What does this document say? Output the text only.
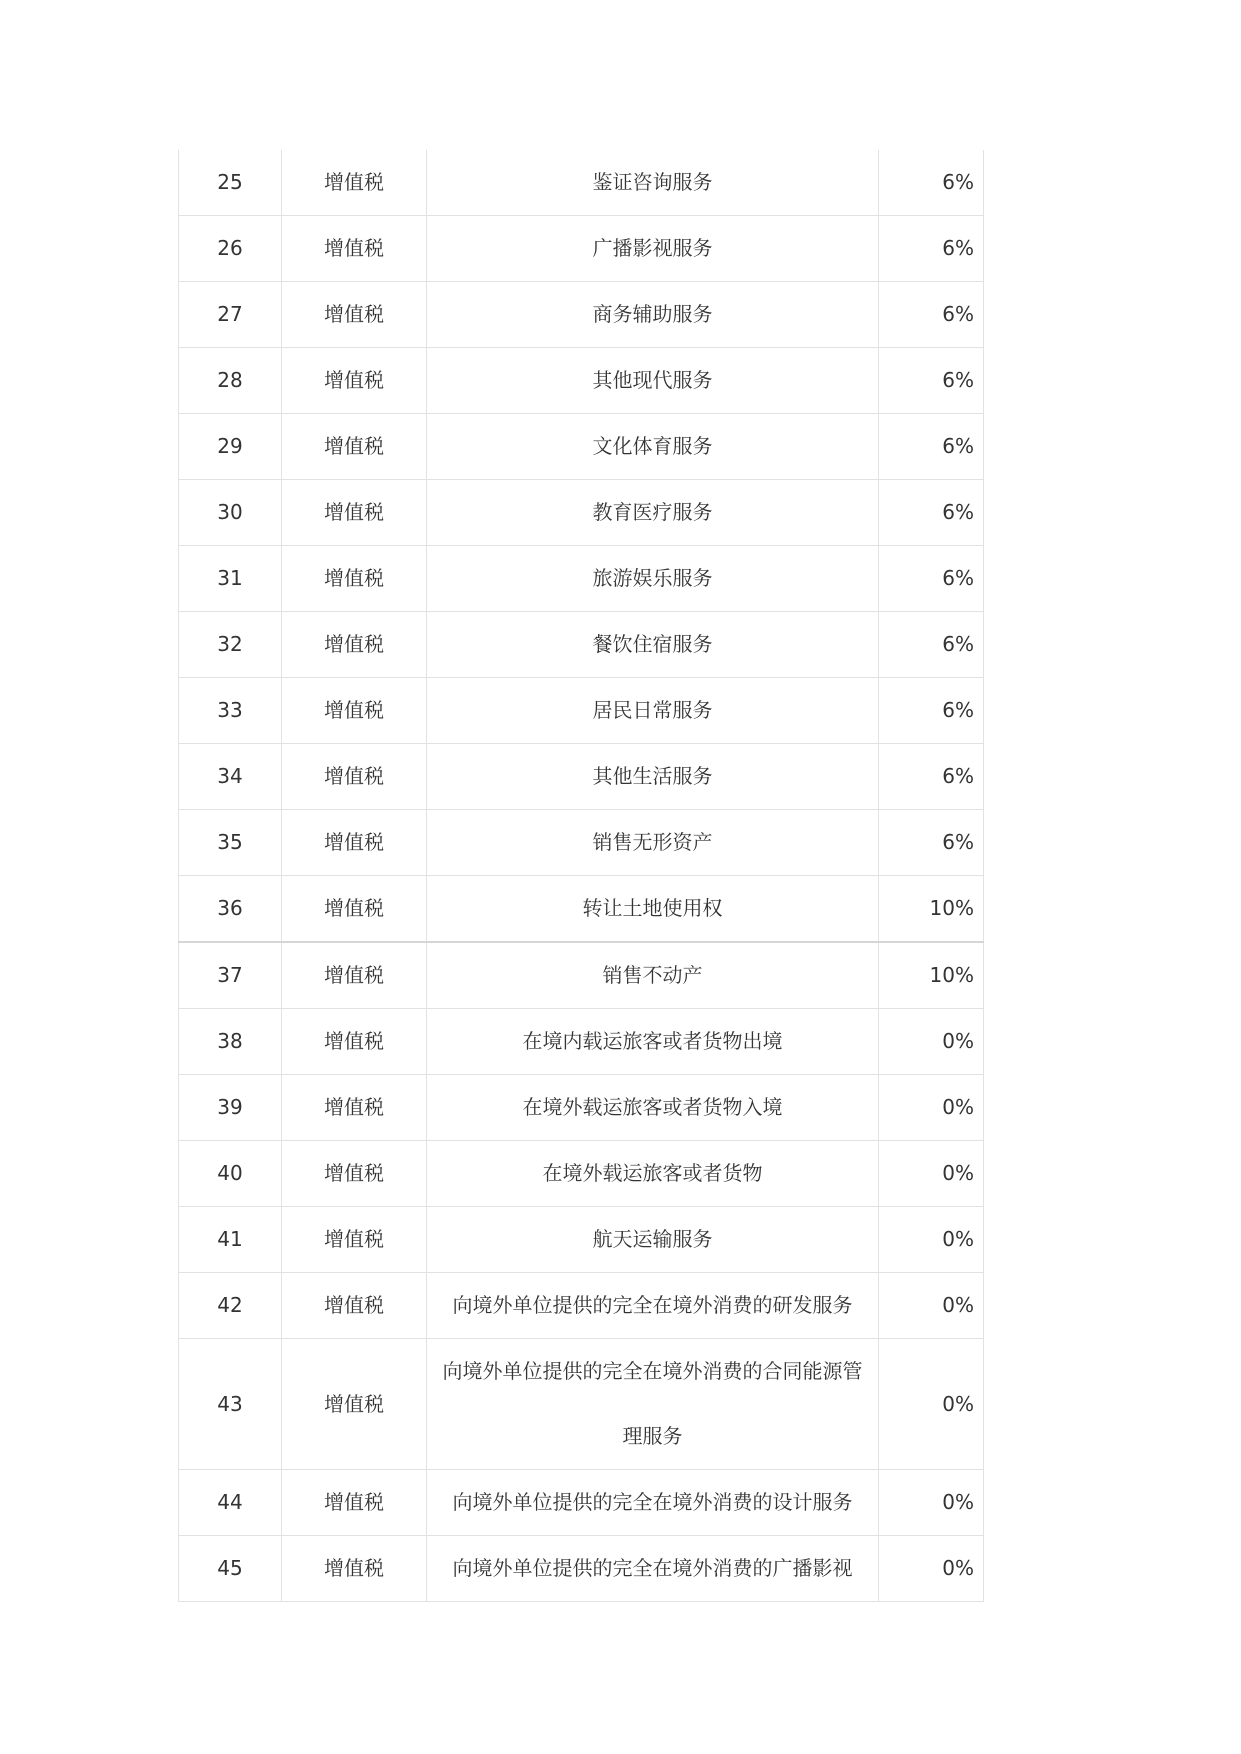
25	增值税	鉴证咨询服务	6%
26	增值税	广播影视服务	6%
27	增值税	商务辅助服务	6%
28	增值税	其他现代服务	6%
29	增值税	文化体育服务	6%
30	增值税	教育医疗服务	6%
31	增值税	旅游娱乐服务	6%
32	增值税	餐饮住宿服务	6%
33	增值税	居民日常服务	6%
34	增值税	其他生活服务	6%
35	增值税	销售无形资产	6%
36	增值税	转让土地使用权	10%
37	增值税	销售不动产	10%
38	增值税	在境内载运旅客或者货物出境	0%
39	增值税	在境外载运旅客或者货物入境	0%
40	增值税	在境外载运旅客或者货物	0%
41	增值税	航天运输服务	0%
42	增值税	向境外单位提供的完全在境外消费的研发服务	0%
43	增值税	向境外单位提供的完全在境外消费的合同能源管理服务	0%
44	增值税	向境外单位提供的完全在境外消费的设计服务	0%
45	增值税	向境外单位提供的完全在境外消费的广播影视	0%
